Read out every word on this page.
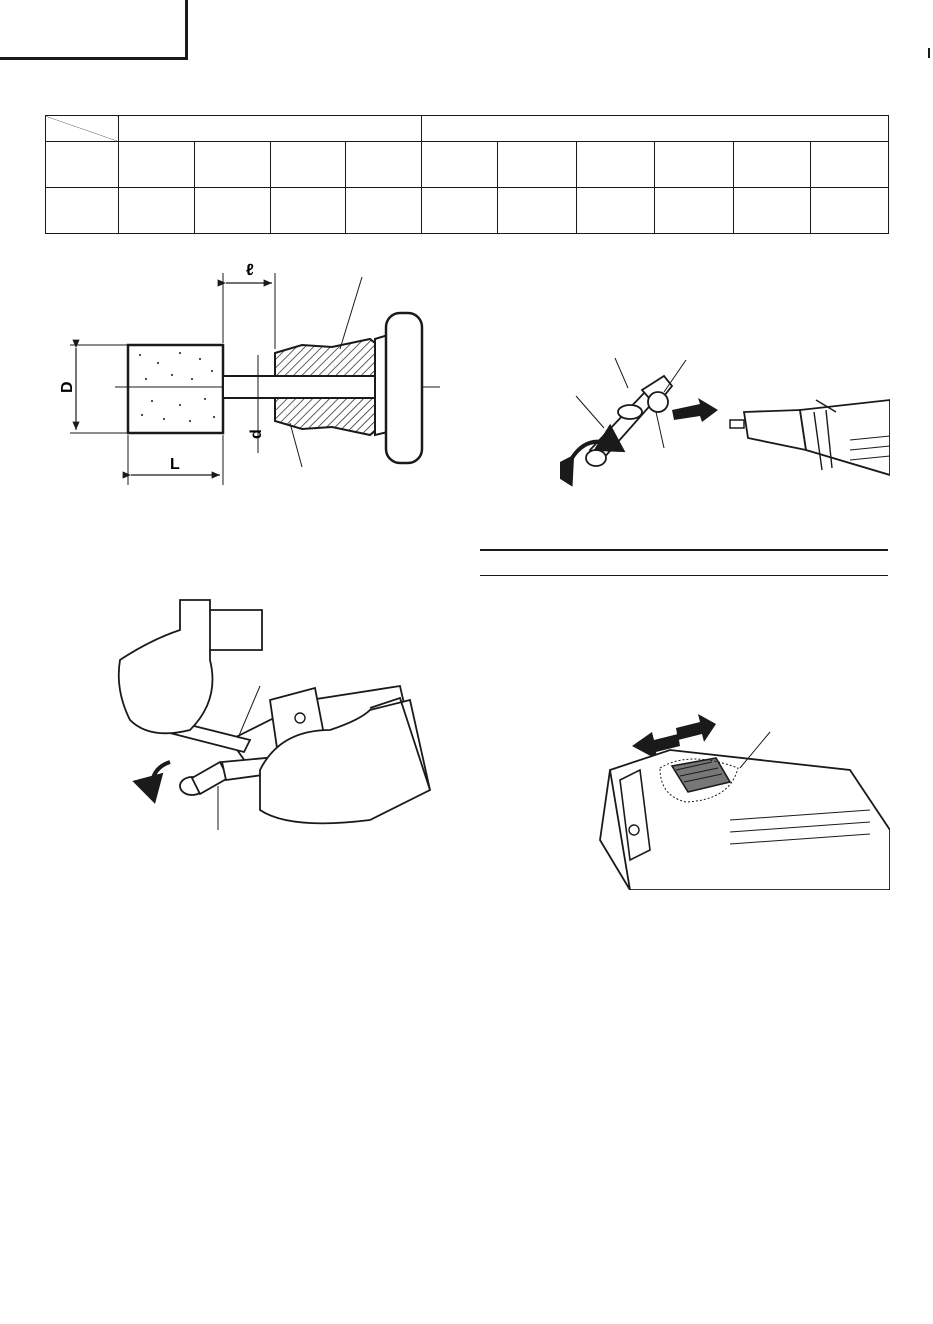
ℓ
D
d
L
